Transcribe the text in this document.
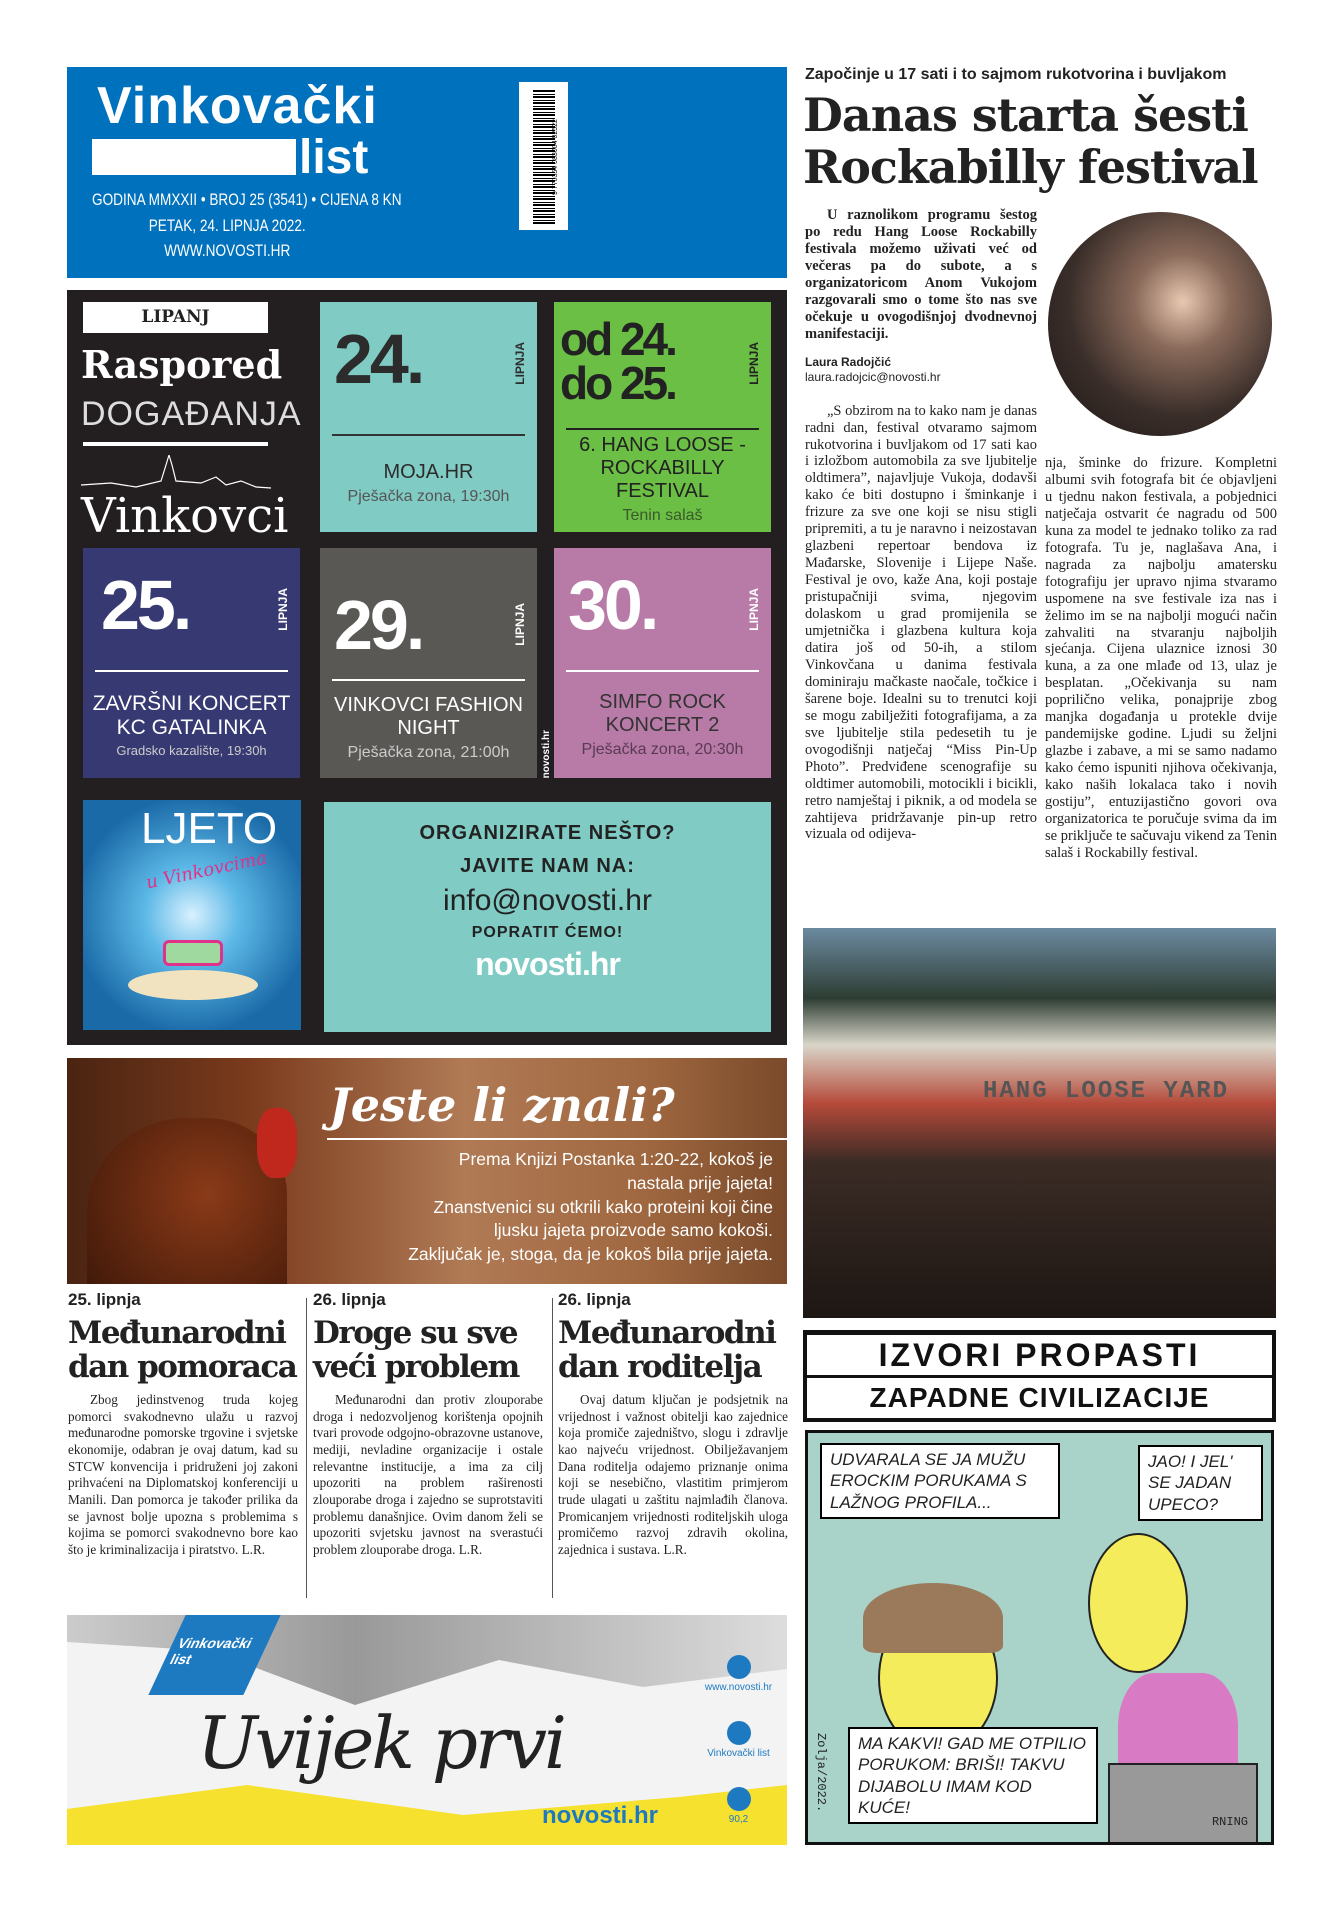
Vinkovački
list
GODINA MMXXII • BROJ 25 (3541) • CIJENA 8 KN
PETAK, 24. LIPNJA 2022.
WWW.NOVOSTI.HR
9 770354 083004 02522
LIPANJ
Raspored
DOGAĐANJA
Vinkovci
24.	LIPNJA
MOJA.HR
Pješačka zona, 19:30h
od 24.
do 25.	LIPNJA
6. HANG LOOSE - ROCKABILLY FESTIVAL
Tenin salaš
25.	LIPNJA
ZAVRŠNI KONCERT KC GATALINKA
Gradsko kazalište, 19:30h
29.	LIPNJA
VINKOVCI FASHION NIGHT
Pješačka zona, 21:00h	novosti.hr
30.	LIPNJA
SIMFO ROCK KONCERT 2
Pješačka zona, 20:30h
LJETO
u Vinkovcima
ORGANIZIRATE NEŠTO?
JAVITE NAM NA:
info@novosti.hr
POPRATIT ĆEMO!
novosti.hr
Jeste li znali?
Prema Knjizi Postanka 1:20-22, kokoš je
nastala prije jajeta!
Znanstvenici su otkrili kako proteini koji čine
ljusku jajeta proizvode samo kokoši.
Zaključak je, stoga, da je kokoš bila prije jajeta.
25. lipnja
Međunarodni dan pomoraca

Zbog jedinstvenog truda kojeg pomorci svakodnevno ulažu u razvoj međunarodne pomorske trgovine i svjetske ekonomije, odabran je ovaj datum, kad su STCW konvencija i pridruženi joj zakoni prihvaćeni na Diplomatskoj konferenciji u Manili. Dan pomorca je također prilika da se javnost bolje upozna s problemima s kojima se pomorci svakodnevno bore kao što je kriminalizacija i piratstvo. L.R.

26. lipnja
Droge su sve veći problem

Međunarodni dan protiv zlouporabe droga i nedozvoljenog korištenja opojnih tvari provode odgojno-obrazovne ustanove, mediji, nevladine organizacije i ostale relevantne institucije, a ima za cilj upozoriti na problem raširenosti zlouporabe droga i zajedno se suprotstaviti problemu današnjice. Ovim danom želi se upozoriti svjetsku javnost na sverastući problem zlouporabe droga. L.R.

26. lipnja
Međunarodni dan roditelja

Ovaj datum ključan je podsjetnik na vrijednost i važnost obitelji kao zajednice koja promiče zajedništvo, slogu i zdravlje kao najveću vrijednost. Obilježavanjem Dana roditelja odajemo priznanje onima koji se nesebično, vlastitim primjerom trude ulagati u zaštitu najmlađih članova. Promicanjem vrijednosti roditeljskih uloga promičemo razvoj zdravih okolina, zajednica i sustava. L.R.

Vinkovački list
Uvijek prvi
novosti.hr
www.novosti.hr
Vinkovački list
90,2
Započinje u 17 sati i to sajmom rukotvorina i buvljakom
Danas starta šesti Rockabilly festival
U raznolikom programu šestog po redu Hang Loose Rockabilly festivala možemo uživati već od večeras pa do subote, a s organizatoricom Anom Vukojom razgovarali smo o tome što nas sve očekuje u ovogodišnjoj dvodnevnoj manifestaciji.
Laura Radojčić
laura.radojcic@novosti.hr

„S obzirom na to kako nam je danas radni dan, festival otvaramo sajmom rukotvorina i buvljakom od 17 sati kao i izložbom automobila za sve ljubitelje oldtimera”, najavljuje Vukoja, dodavši kako će biti dostupno i šminkanje i frizure za sve one koji se nisu stigli pripremiti, a tu je naravno i neizostavan glazbeni repertoar bendova iz Mađarske, Slovenije i Lijepe Naše. Festival je ovo, kaže Ana, koji postaje pristupačniji svima, njegovim dolaskom u grad promijenila se umjetnička i glazbena kultura koja datira još od 50-ih, a stilom Vinkovčana u danima festivala dominiraju mačkaste naočale, točkice i šarene boje. Idealni su to trenutci koji se mogu zabilježiti fotografijama, a za sve ljubitelje stila pedesetih tu je ovogodišnji natječaj “Miss Pin-Up Photo”. Predviđene scenografije su oldtimer automobili, motocikli i bicikli, retro namještaj i piknik, a od modela se zahtijeva pridržavanje pin-up retro vizuala od odijeva-

nja, šminke do frizure. Kompletni albumi svih fotografa bit će objavljeni u tjednu nakon festivala, a pobjednici natječaja ostvarit će nagradu od 500 kuna za model te jednako toliko za rad fotografa. Tu je, naglašava Ana, i nagrada za najbolju amatersku fotografiju jer upravo njima stvaramo uspomene na sve festivale iza nas i želimo im se na najbolji mogući način zahvaliti na stvaranju najboljih sjećanja. Cijena ulaznice iznosi 30 kuna, a za one mlađe od 13, ulaz je besplatan. „Očekivanja su nam poprilično velika, ponajprije zbog manjka događanja u protekle dvije pandemijske godine. Ljudi su željni glazbe i zabave, a mi se samo nadamo kako ćemo ispuniti njihova očekivanja, kako naših lokalaca tako i novih gostiju”, entuzijastično govori ova organizatorica te poručuje svima da im se priključe te sačuvaju vikend za Tenin salaš i Rockabilly festival.

HANG LOOSE YARD
IZVORI PROPASTI
ZAPADNE CIVILIZACIJE
RNING
UDVARALA SE JA MUŽU EROCKIM PORUKAMA S LAŽNOG PROFILA...
JAO! I JEL' SE JADAN UPECO?
MA KAKVI! GAD ME OTPILIO PORUKOM: BRIŠI! TAKVU DIJABOLU IMAM KOD KUĆE!
Zolja/2022.
